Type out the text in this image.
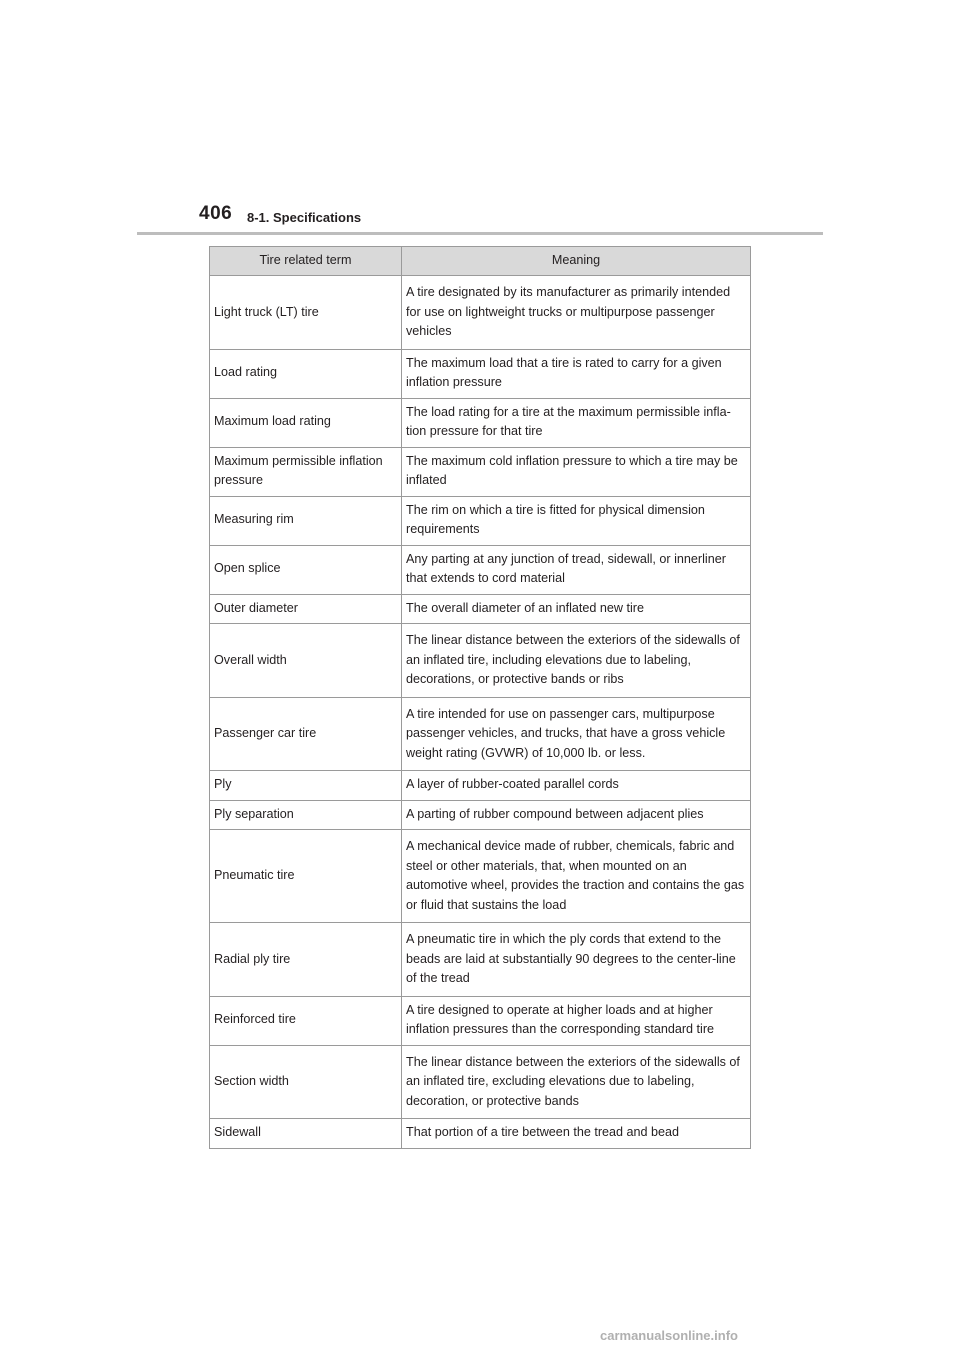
406 8-1. Specifications
Tire related term	Meaning
Light truck (LT) tire	A tire designated by its manufacturer as primarily intended for use on lightweight trucks or multipurpose passenger vehicles
Load rating	The maximum load that a tire is rated to carry for a given inflation pressure
Maximum load rating	The load rating for a tire at the maximum permissible infla-tion pressure for that tire
Maximum permissible inflation pressure	The maximum cold inflation pressure to which a tire may be inflated
Measuring rim	The rim on which a tire is fitted for physical dimension requirements
Open splice	Any parting at any junction of tread, sidewall, or innerliner that extends to cord material
Outer diameter	The overall diameter of an inflated new tire
Overall width	The linear distance between the exteriors of the sidewalls of an inflated tire, including elevations due to labeling, decorations, or protective bands or ribs
Passenger car tire	A tire intended for use on passenger cars, multipurpose passenger vehicles, and trucks, that have a gross vehicle weight rating (GVWR) of 10,000 lb. or less.
Ply	A layer of rubber-coated parallel cords
Ply separation	A parting of rubber compound between adjacent plies
Pneumatic tire	A mechanical device made of rubber, chemicals, fabric and steel or other materials, that, when mounted on an automotive wheel, provides the traction and contains the gas or fluid that sustains the load
Radial ply tire	A pneumatic tire in which the ply cords that extend to the beads are laid at substantially 90 degrees to the center-line of the tread
Reinforced tire	A tire designed to operate at higher loads and at higher inflation pressures than the corresponding standard tire
Section width	The linear distance between the exteriors of the sidewalls of an inflated tire, excluding elevations due to labeling, decoration, or protective bands
Sidewall	That portion of a tire between the tread and bead
carmanualsonline.info
